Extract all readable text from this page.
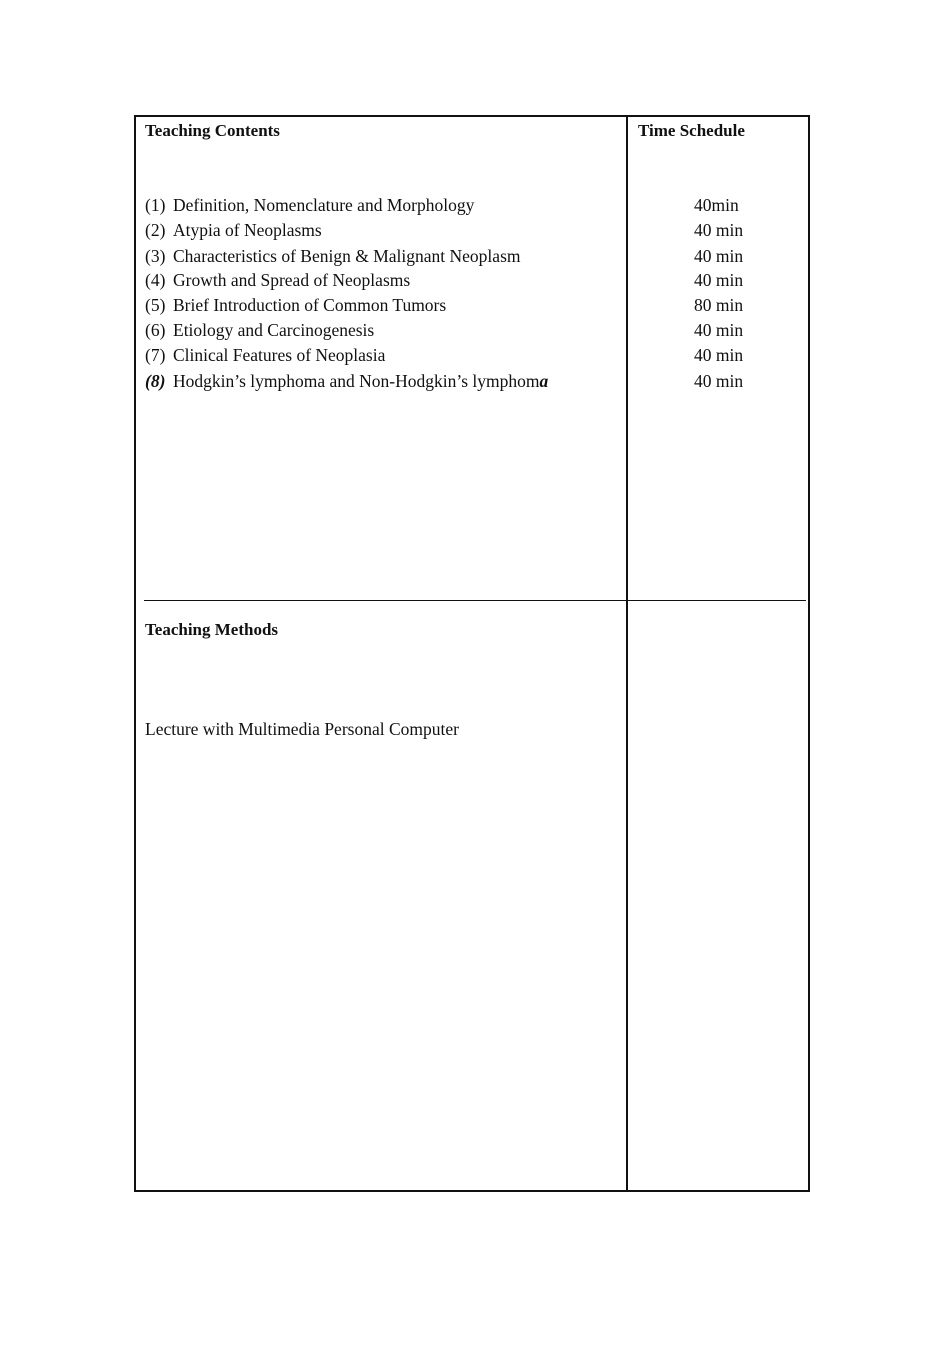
Teaching Contents	Time Schedule
(1) Definition, Nomenclature and Morphology
(2) Atypia of Neoplasms
(3) Characteristics of Benign & Malignant Neoplasm
(4) Growth and Spread of Neoplasms
(5) Brief Introduction of Common Tumors
(6) Etiology and Carcinogenesis
(7) Clinical Features of Neoplasia
(8) Hodgkin’s lymphoma and Non-Hodgkin’s lymphoma
40min
40 min
40 min
40 min
80 min
40 min
40 min
40 min
Teaching Methods
Lecture with Multimedia Personal Computer
